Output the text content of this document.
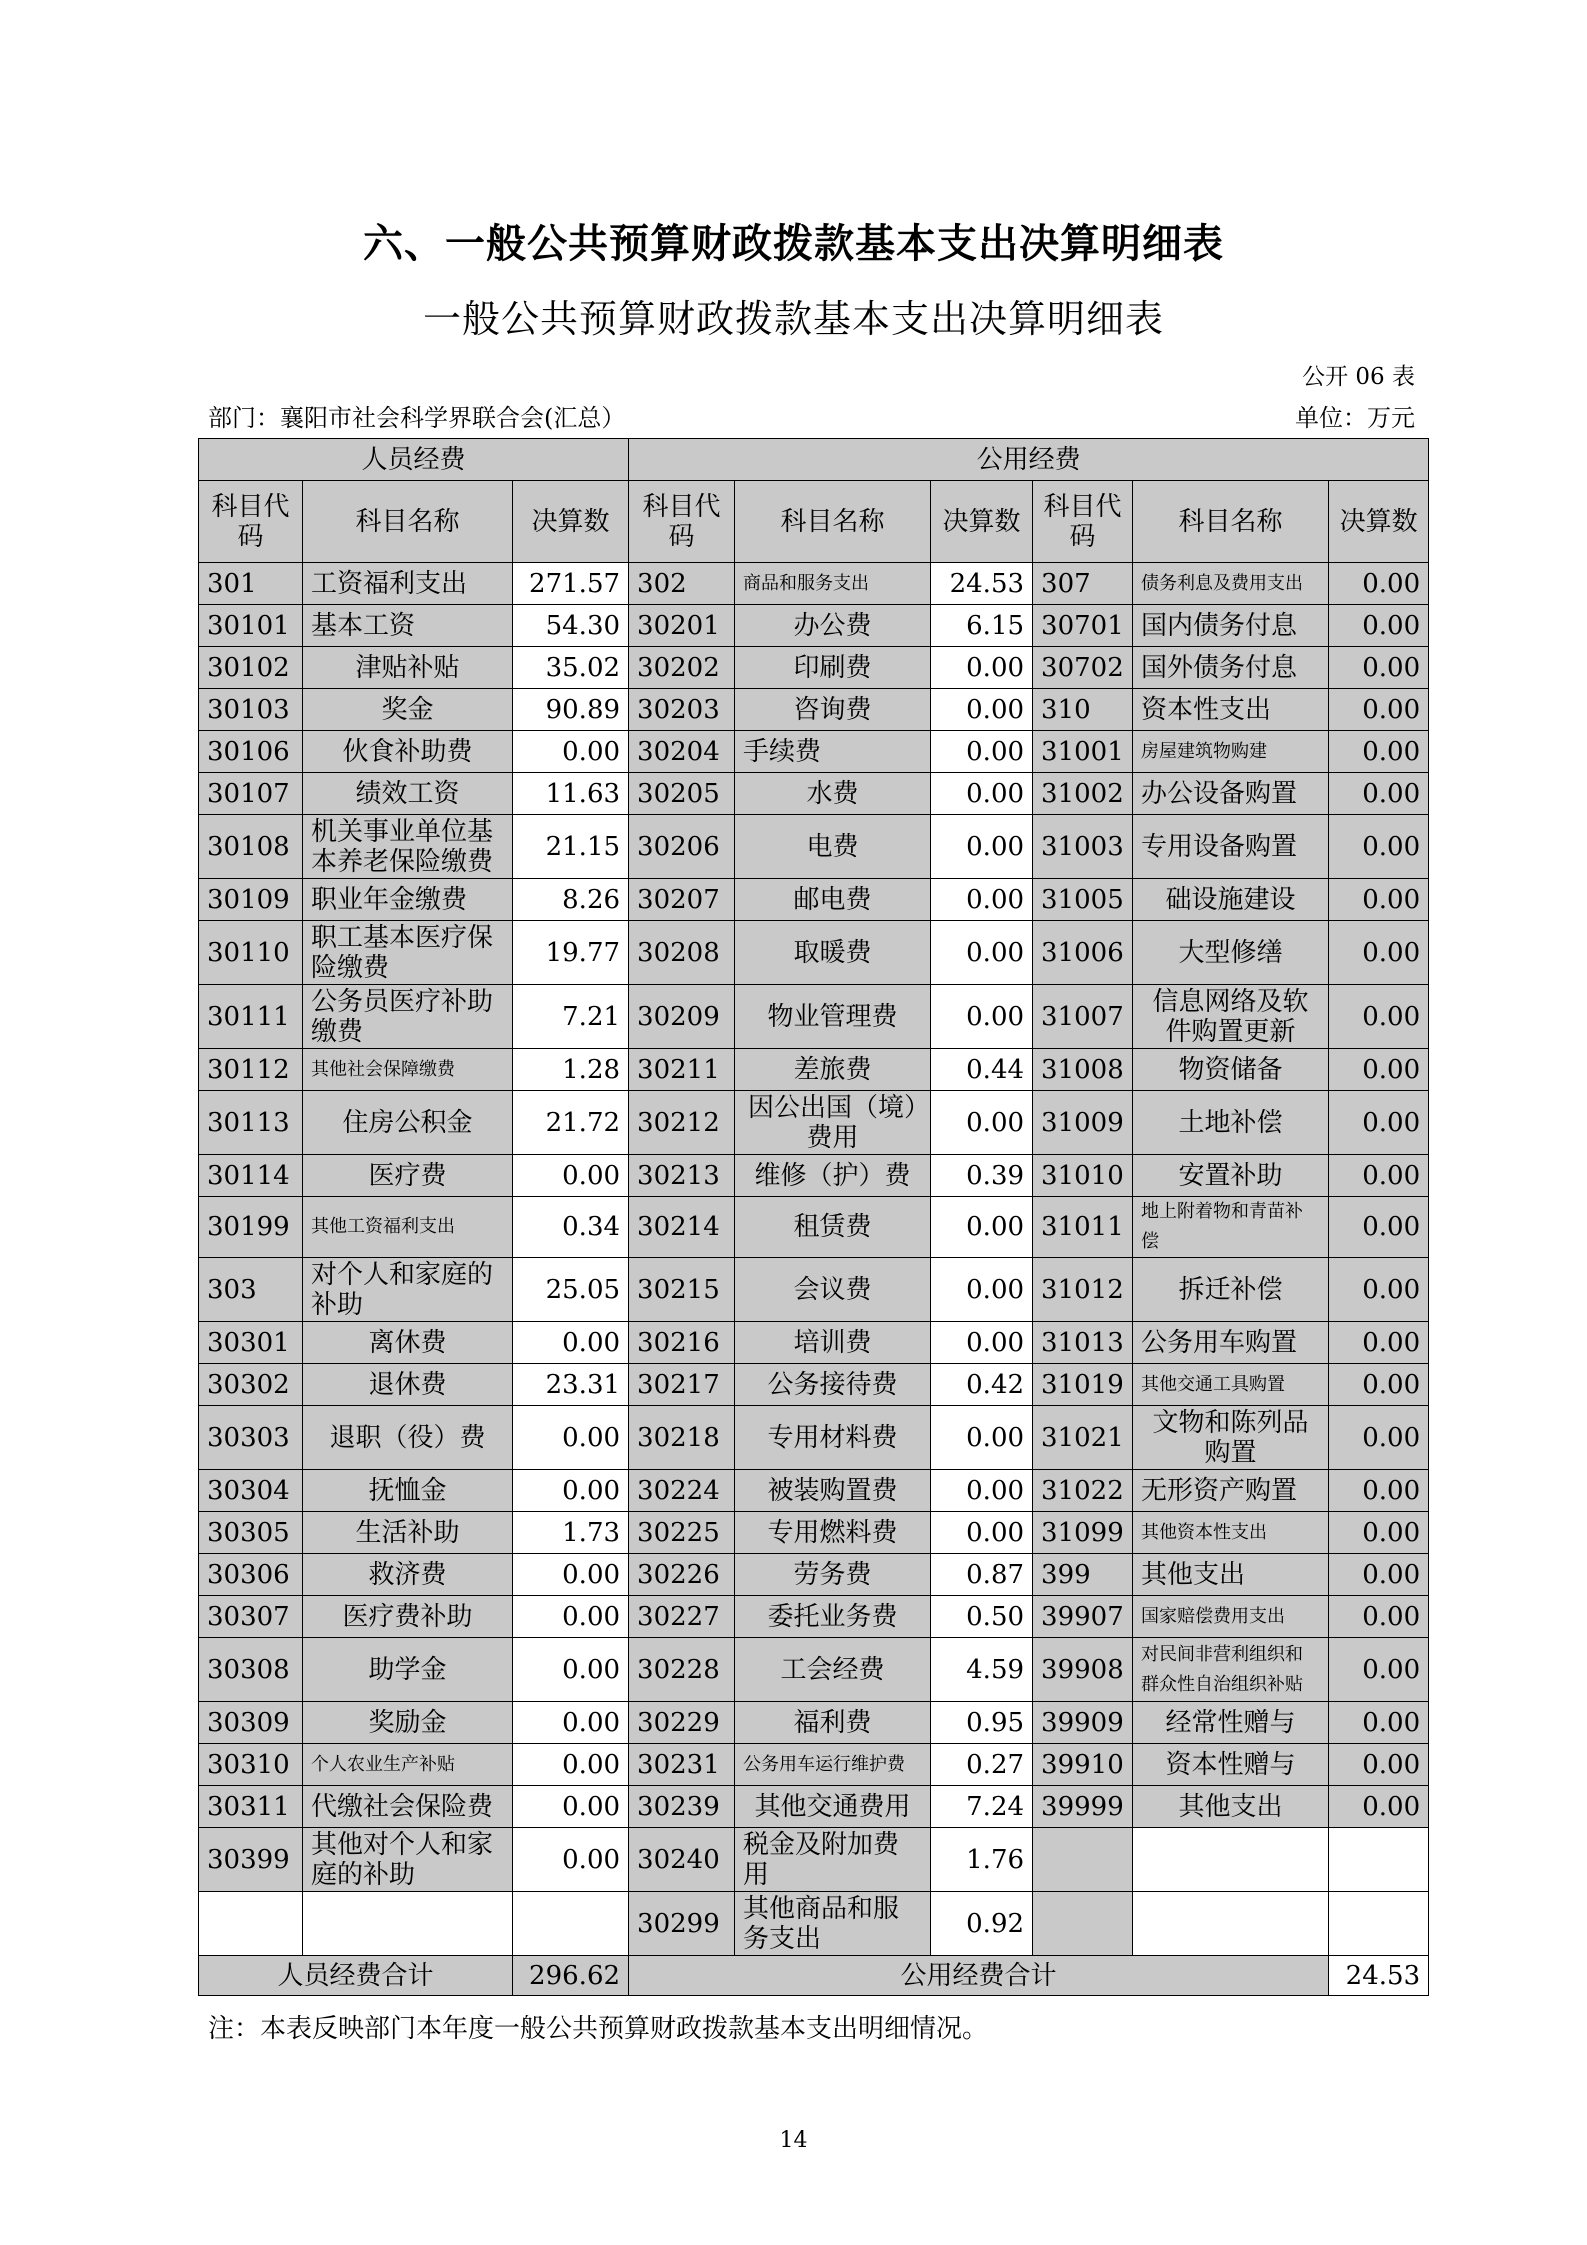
六、一般公共预算财政拨款基本支出决算明细表
一般公共预算财政拨款基本支出决算明细表
公开 06 表
部门：襄阳市社会科学界联合会(汇总）	单位：万元
人员经费			公用经费					
科目代码	科目名称	决算数	科目代码	科目名称	决算数	科目代码	科目名称	决算数
301	工资福利支出	271.57	302	商品和服务支出	24.53	307	债务利息及费用支出	0.00
30101	基本工资	54.30	30201	办公费	6.15	30701	国内债务付息	0.00
30102	津贴补贴	35.02	30202	印刷费	0.00	30702	国外债务付息	0.00
30103	奖金	90.89	30203	咨询费	0.00	310	资本性支出	0.00
30106	伙食补助费	0.00	30204	手续费	0.00	31001	房屋建筑物购建	0.00
30107	绩效工资	11.63	30205	水费	0.00	31002	办公设备购置	0.00
30108	机关事业单位基本养老保险缴费	21.15	30206	电费	0.00	31003	专用设备购置	0.00
30109	职业年金缴费	8.26	30207	邮电费	0.00	31005	础设施建设	0.00
30110	职工基本医疗保险缴费	19.77	30208	取暖费	0.00	31006	大型修缮	0.00
30111	公务员医疗补助缴费	7.21	30209	物业管理费	0.00	31007	信息网络及软件购置更新	0.00
30112	其他社会保障缴费	1.28	30211	差旅费	0.44	31008	物资储备	0.00
30113	住房公积金	21.72	30212	因公出国（境）费用	0.00	31009	土地补偿	0.00
30114	医疗费	0.00	30213	维修（护）费	0.39	31010	安置补助	0.00
30199	其他工资福利支出	0.34	30214	租赁费	0.00	31011	地上附着物和青苗补偿	0.00
303	对个人和家庭的补助	25.05	30215	会议费	0.00	31012	拆迁补偿	0.00
30301	离休费	0.00	30216	培训费	0.00	31013	公务用车购置	0.00
30302	退休费	23.31	30217	公务接待费	0.42	31019	其他交通工具购置	0.00
30303	退职（役）费	0.00	30218	专用材料费	0.00	31021	文物和陈列品购置	0.00
30304	抚恤金	0.00	30224	被装购置费	0.00	31022	无形资产购置	0.00
30305	生活补助	1.73	30225	专用燃料费	0.00	31099	其他资本性支出	0.00
30306	救济费	0.00	30226	劳务费	0.87	399	其他支出	0.00
30307	医疗费补助	0.00	30227	委托业务费	0.50	39907	国家赔偿费用支出	0.00
30308	助学金	0.00	30228	工会经费	4.59	39908	对民间非营利组织和群众性自治组织补贴	0.00
30309	奖励金	0.00	30229	福利费	0.95	39909	经常性赠与	0.00
30310	个人农业生产补贴	0.00	30231	公务用车运行维护费	0.27	39910	资本性赠与	0.00
30311	代缴社会保险费	0.00	30239	其他交通费用	7.24	39999	其他支出	0.00
30399	其他对个人和家庭的补助	0.00	30240	税金及附加费用	1.76			
			30299	其他商品和服务支出	0.92			
人员经费合计		296.62	公用经费合计					24.53
注：本表反映部门本年度一般公共预算财政拨款基本支出明细情况。
14
